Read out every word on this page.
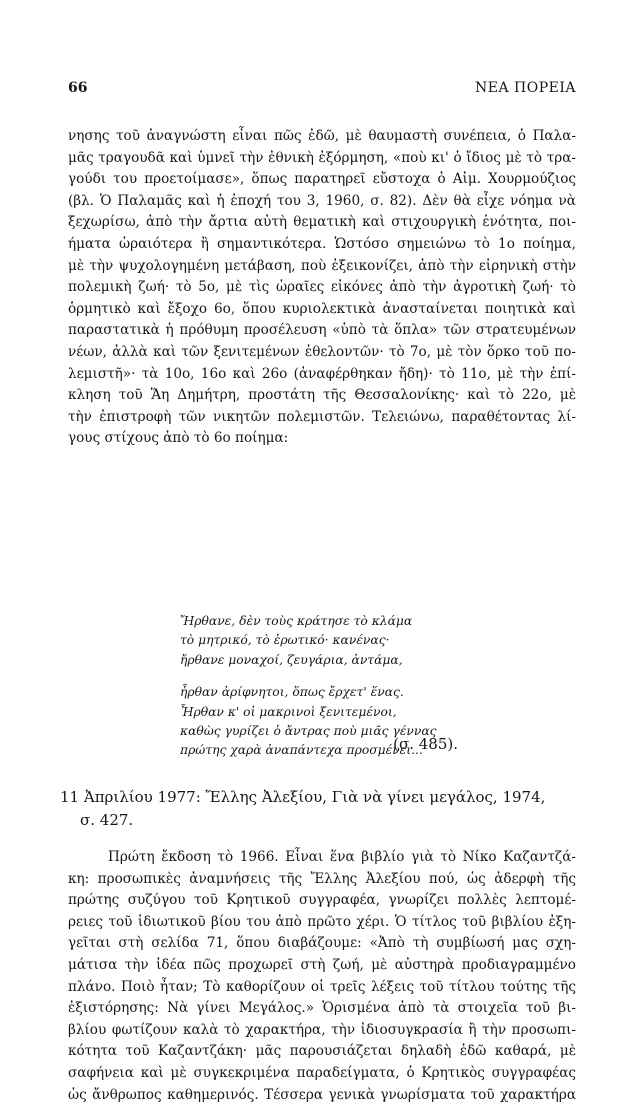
66	ΝΕΑ ΠΟΡΕΙΑ
νησης τοῦ ἀναγνώστη εἶναι πῶς ἐδῶ, μὲ θαυμαστὴ συνέπεια, ὁ Παλα-
μᾶς τραγουδᾶ καὶ ὑμνεῖ τὴν ἐθνικὴ ἐξόρμηση, «ποὺ κι' ὁ ἴδιος μὲ τὸ τρα-
γούδι του προετοίμασε», ὅπως παρατηρεῖ εὔστοχα ὁ Αἰμ. Χουρμούζιος
(βλ. Ὁ Παλαμᾶς καὶ ἡ ἐποχή του 3, 1960, σ. 82). Δὲν θὰ εἶχε νόημα νὰ
ξεχωρίσω, ἀπὸ τὴν ἄρτια αὐτὴ θεματικὴ καὶ στιχουργικὴ ἑνότητα, ποι-
ήματα ὡραιότερα ἢ σημαντικότερα. Ὡστόσο σημειώνω τὸ 1ο ποίημα,
μὲ τὴν ψυχολογημένη μετάβαση, ποὺ ἐξεικονίζει, ἀπὸ τὴν εἰρηνικὴ στὴν
πολεμικὴ ζωή· τὸ 5ο, μὲ τὶς ὡραῖες εἰκόνες ἀπὸ τὴν ἀγροτικὴ ζωή· τὸ
ὁρμητικὸ καὶ ἔξοχο 6ο, ὅπου κυριολεκτικὰ ἀνασταίνεται ποιητικὰ καὶ
παραστατικὰ ἡ πρόθυμη προσέλευση «ὑπὸ τὰ ὅπλα» τῶν στρατευμένων
νέων, ἀλλὰ καὶ τῶν ξενιτεμένων ἐθελοντῶν· τὸ 7ο, μὲ τὸν ὅρκο τοῦ πο-
λεμιστῆ»· τὰ 10ο, 16ο καὶ 26ο (ἀναφέρθηκαν ἤδη)· τὸ 11ο, μὲ τὴν ἐπί-
κληση τοῦ Ἅη Δημήτρη, προστάτη τῆς Θεσσαλονίκης· καὶ τὸ 22ο, μὲ
τὴν ἐπιστροφὴ τῶν νικητῶν πολεμιστῶν. Τελειώνω, παραθέτοντας λί-
γους στίχους ἀπὸ τὸ 6ο ποίημα:
Ἤρθανε, δὲν τοὺς κράτησε τὸ κλάμα
τὸ μητρικό, τὸ ἐρωτικό· κανένας·
ἤρθανε μοναχοί, ζευγάρια, ἀντάμα,
ἦρθαν ἀρίφνητοι, ὅπως ἔρχετ' ἕνας.
Ἦρθαν κ' οἱ μακρινοὶ ξενιτεμένοι,
καθὼς γυρίζει ὁ ἄντρας ποὺ μιᾶς γέννας
πρώτης χαρὰ ἀναπάντεχα προσμένει...
(σ. 485).
11 Ἀπριλίου 1977: Ἔλλης Ἀλεξίου, Γιὰ νὰ γίνει μεγάλος, 1974,
σ. 427.
Πρώτη ἔκδοση τὸ 1966. Εἶναι ἕνα βιβλίο γιὰ τὸ Νίκο Καζαντζά-
κη: προσωπικὲς ἀναμνήσεις τῆς Ἔλλης Ἀλεξίου πού, ὡς ἀδερφὴ τῆς
πρώτης συζύγου τοῦ Κρητικοῦ συγγραφέα, γνωρίζει πολλὲς λεπτομέ-
ρειες τοῦ ἰδιωτικοῦ βίου του ἀπὸ πρῶτο χέρι. Ὁ τίτλος τοῦ βιβλίου ἐξη-
γεῖται στὴ σελίδα 71, ὅπου διαβάζουμε: «Ἀπὸ τὴ συμβίωσή μας σχη-
μάτισα τὴν ἰδέα πῶς προχωρεῖ στὴ ζωή, μὲ αὐστηρὰ προδιαγραμμένο
πλάνο. Ποιὸ ἦταν; Τὸ καθορίζουν οἱ τρεῖς λέξεις τοῦ τίτλου τούτης τῆς
ἐξιστόρησης: Νὰ γίνει Μεγάλος.» Ὁρισμένα ἀπὸ τὰ στοιχεῖα τοῦ βι-
βλίου φωτίζουν καλὰ τὸ χαρακτήρα, τὴν ἰδιοσυγκρασία ἢ τὴν προσωπι-
κότητα τοῦ Καζαντζάκη· μᾶς παρουσιάζεται δηλαδὴ ἐδῶ καθαρά, μὲ
σαφήνεια καὶ μὲ συγκεκριμένα παραδείγματα, ὁ Κρητικὸς συγγραφέας
ὡς ἄνθρωπος καθημερινός. Τέσσερα γενικὰ γνωρίσματα τοῦ χαρακτήρα
